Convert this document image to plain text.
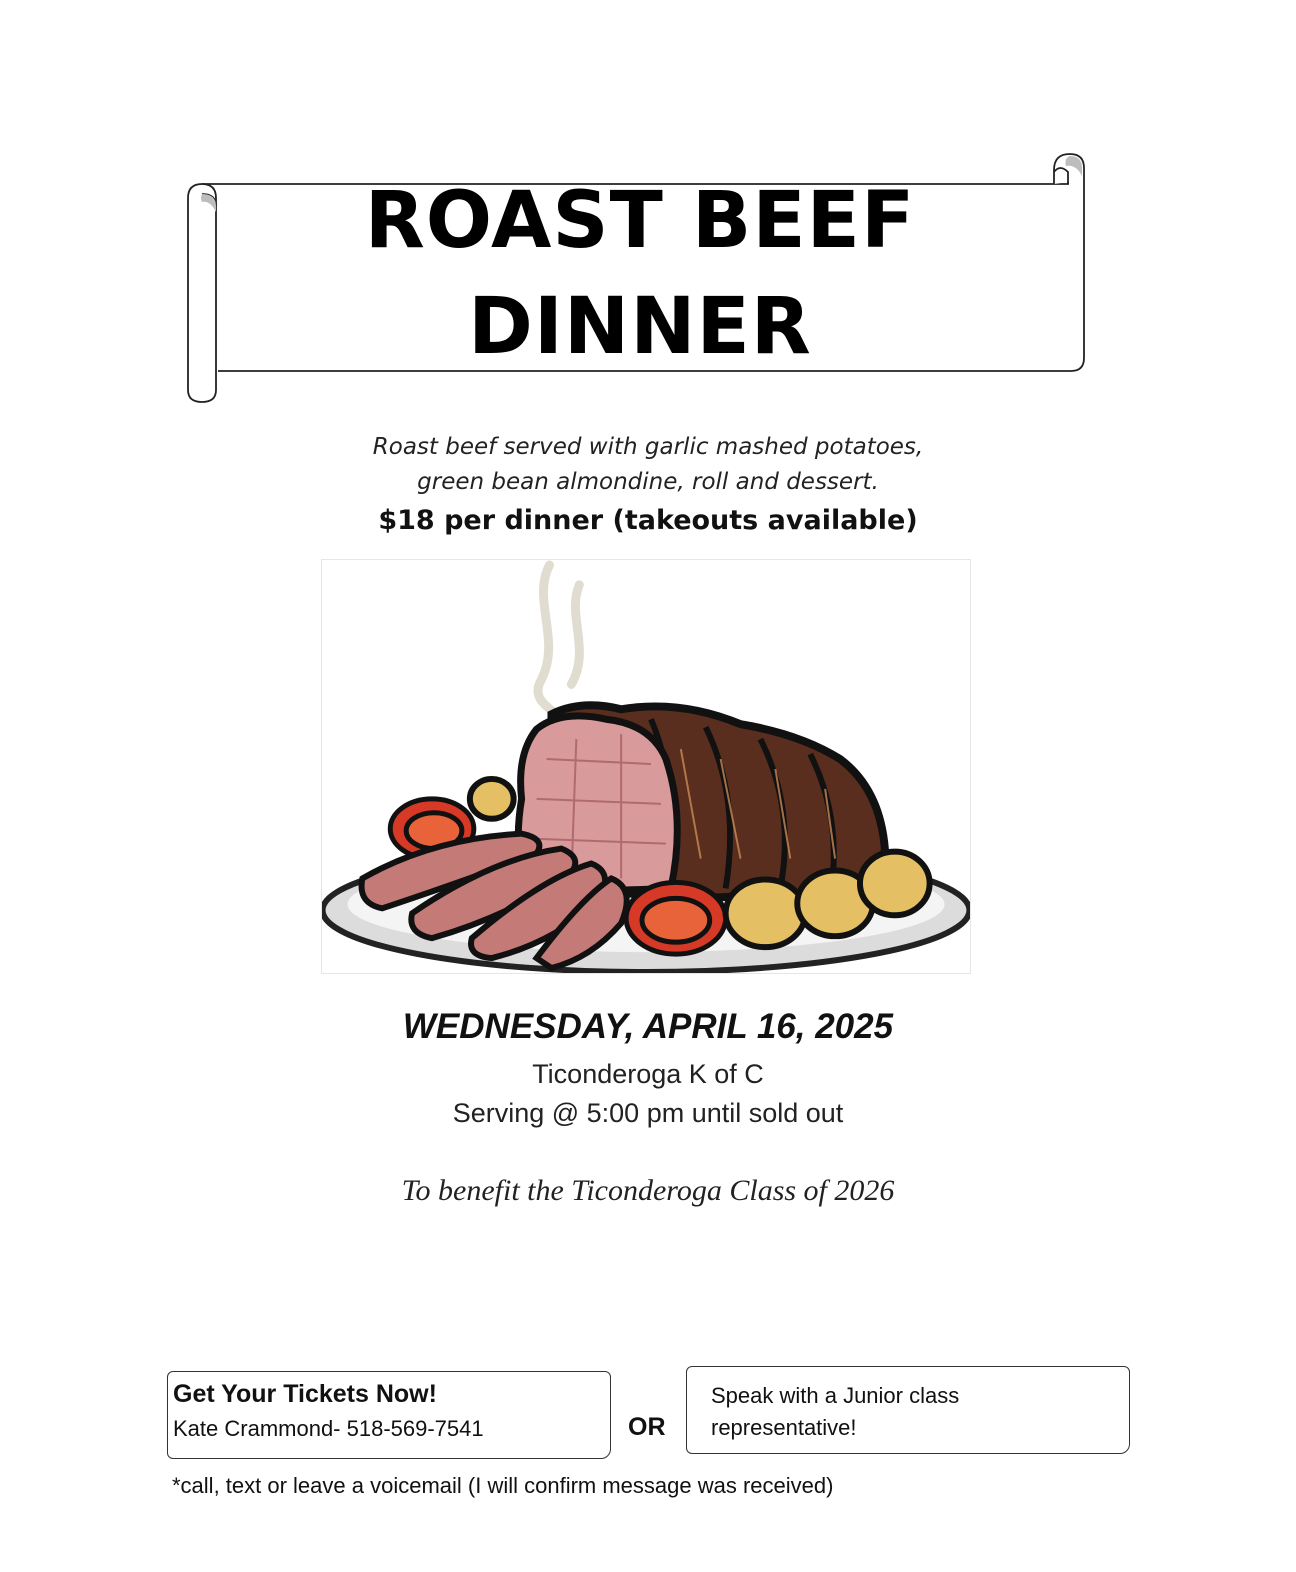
ROAST BEEF
DINNER
Roast beef served with garlic mashed potatoes,
green bean almondine, roll and dessert.
$18 per dinner (takeouts available)
WEDNESDAY, APRIL 16, 2025
Ticonderoga K of C
Serving @ 5:00 pm until sold out
To benefit the Ticonderoga Class of 2026
Get Your Tickets Now!
Kate Crammond- 518-569-7541	OR
Speak with a Junior class
representative!
*call, text or leave a voicemail (I will confirm message was received)
